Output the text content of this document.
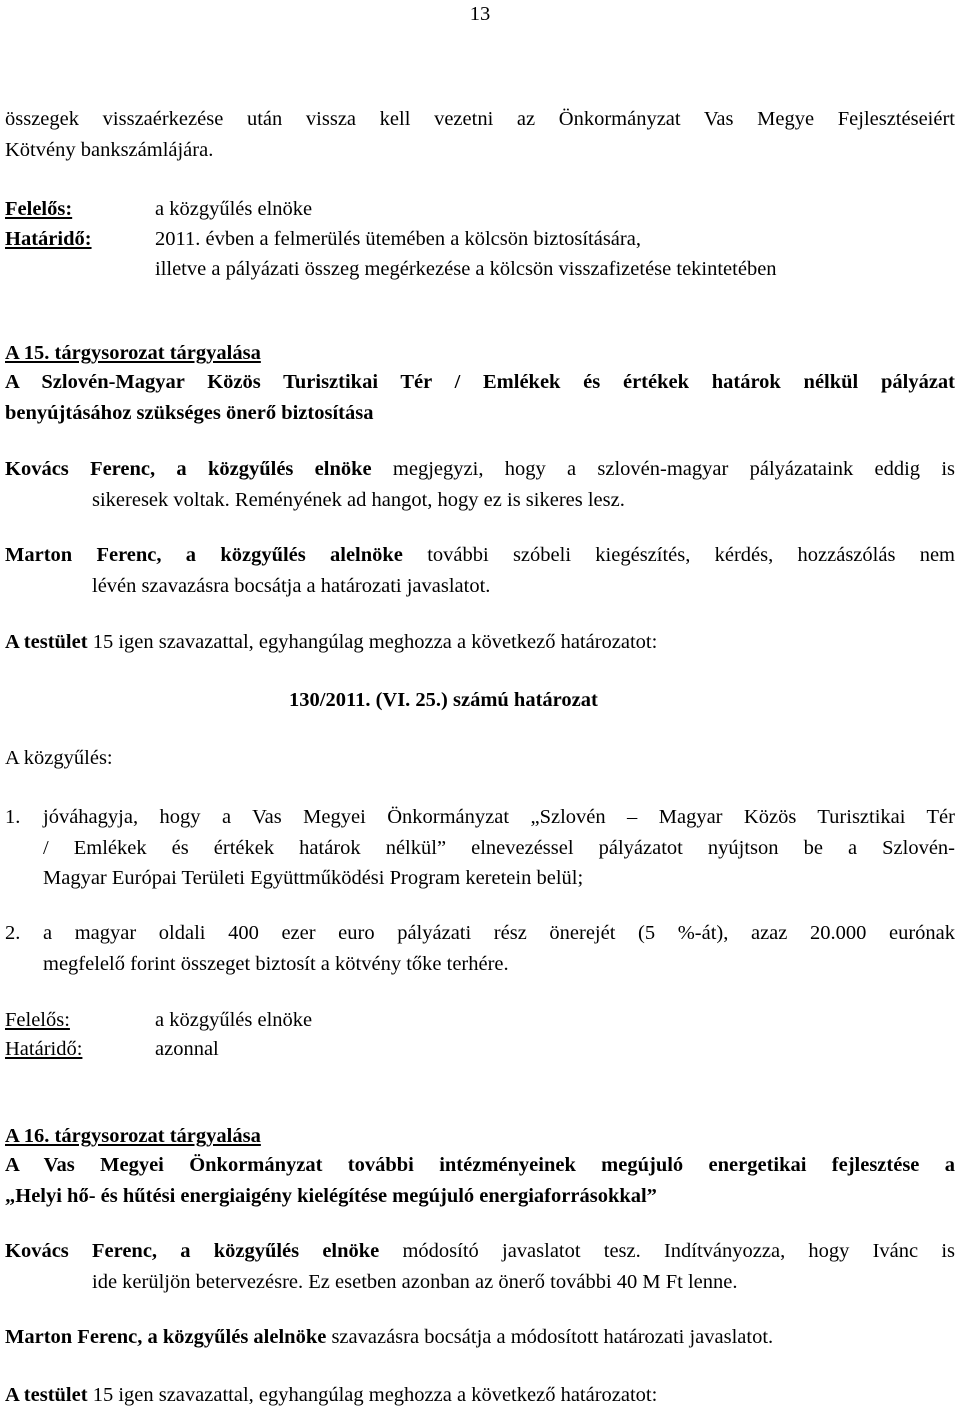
13
összegek visszaérkezése után vissza kell vezetni az Önkormányzat Vas Megye Fejlesztéseiért
Kötvény bankszámlájára.
Felelős:	a közgyűlés elnöke
Határidő:	2011. évben a felmerülés ütemében a kölcsön biztosítására,
illetve a pályázati összeg megérkezése a kölcsön visszafizetése tekintetében
A 15. tárgysorozat tárgyalása
A Szlovén-Magyar Közös Turisztikai Tér / Emlékek és értékek határok nélkül pályázat
benyújtásához szükséges önerő biztosítása
Kovács Ferenc, a közgyűlés elnöke megjegyzi, hogy a szlovén-magyar pályázataink eddig is
sikeresek voltak. Reményének ad hangot, hogy ez is sikeres lesz.
Marton Ferenc, a közgyűlés alelnöke további szóbeli kiegészítés, kérdés, hozzászólás nem
lévén szavazásra bocsátja a határozati javaslatot.
A testület 15 igen szavazattal, egyhangúlag meghozza a következő határozatot:
130/2011. (VI. 25.) számú határozat
A közgyűlés:
1. jóváhagyja, hogy a Vas Megyei Önkormányzat „Szlovén – Magyar Közös Turisztikai Tér
/ Emlékek és értékek határok nélkül” elnevezéssel pályázatot nyújtson be a Szlovén-
Magyar Európai Területi Együttműködési Program keretein belül;
2. a magyar oldali 400 ezer euro pályázati rész önerejét (5 %-át), azaz 20.000 eurónak
megfelelő forint összeget biztosít a kötvény tőke terhére.
Felelős:	a közgyűlés elnöke
Határidő:	azonnal
A 16. tárgysorozat tárgyalása
A Vas Megyei Önkormányzat további intézményeinek megújuló energetikai fejlesztése a
„Helyi hő- és hűtési energiaigény kielégítése megújuló energiaforrásokkal”
Kovács Ferenc, a közgyűlés elnöke módosító javaslatot tesz. Indítványozza, hogy Ivánc is
ide kerüljön betervezésre. Ez esetben azonban az önerő további 40 M Ft lenne.
Marton Ferenc, a közgyűlés alelnöke szavazásra bocsátja a módosított határozati javaslatot.
A testület 15 igen szavazattal, egyhangúlag meghozza a következő határozatot:
